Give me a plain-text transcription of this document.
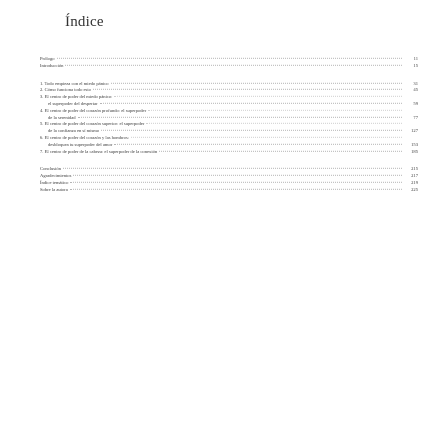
Índice
Prólogo	11
Introducción	15
1. Todo empieza con el miedo pánico	31
2. Cómo funciona todo esto	45
3. El centro de poder del miedo pánico:
el superpoder del despertar	59
4. El centro de poder del corazón profundo: el superpoder
de la serenidad	77
5. El centro de poder del corazón superior: el superpoder
de la confianza en sí mismo	127
6. El centro de poder del corazón y las hombros:
desbloquea tu superpoder del amor	153
7. El centro de poder de la cabeza: el superpoder de la conexión	185
Conclusión	215
Agradecimientos	217
Índice temático	219
Sobre la autora	225
